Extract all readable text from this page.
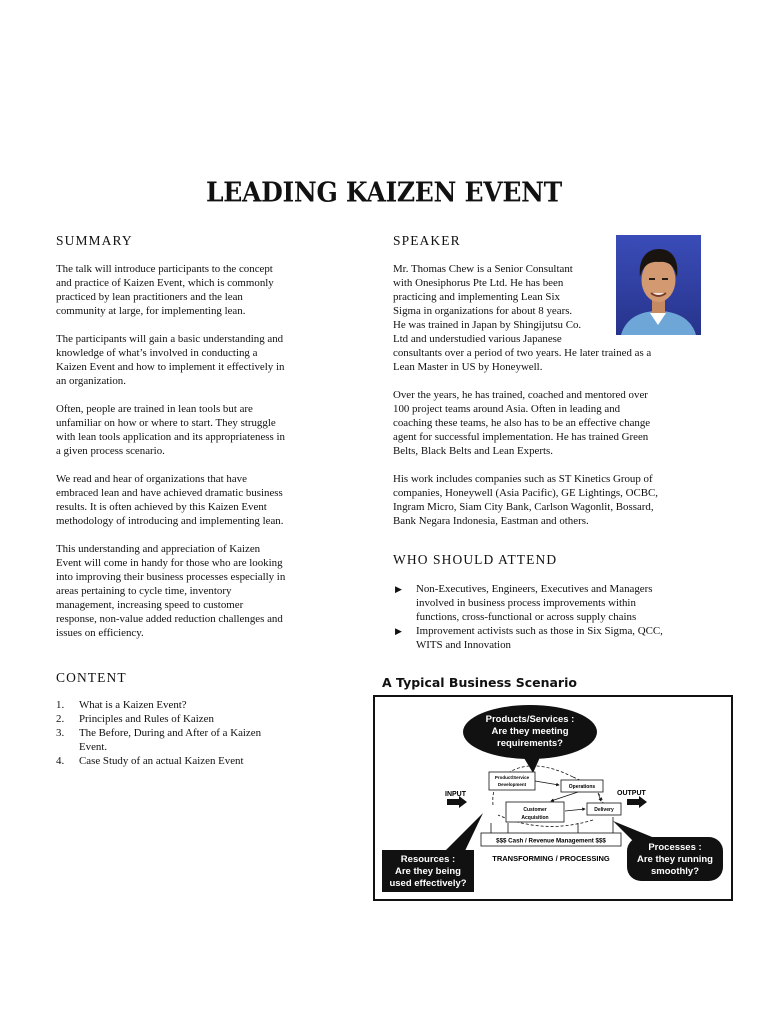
LEADING KAIZEN EVENT
SUMMARY
The talk will introduce participants to the concept
and practice of Kaizen Event, which is commonly
practiced by lean practitioners and the lean
community at large, for implementing lean.
The participants will gain a basic understanding and
knowledge of what’s involved in conducting a
Kaizen Event and how to implement it effectively in
an organization.
Often, people are trained in lean tools but are
unfamiliar on how or where to start. They struggle
with lean tools application and its appropriateness in
a given process scenario.
We read and hear of organizations that have
embraced lean and have achieved dramatic business
results. It is often achieved by this Kaizen Event
methodology of introducing and implementing lean.
This understanding and appreciation of Kaizen
Event will come in handy for those who are looking
into improving their business processes especially in
areas pertaining to cycle time, inventory
management, increasing speed to customer
response, non-value added reduction challenges and
issues on efficiency.
CONTENT
1.	What is a Kaizen Event?
2.	Principles and Rules of Kaizen
3.	The Before, During and After of a Kaizen
Event.
4.	Case Study of an actual Kaizen Event
SPEAKER
Mr. Thomas Chew is a Senior Consultant
with Onesiphorus Pte Ltd. He has been
practicing and implementing Lean Six
Sigma in organizations for about 8 years.
He was trained in Japan by Shingijutsu Co.
Ltd and understudied various Japanese
consultants over a period of two years. He later trained as a
Lean Master in US by Honeywell.
Over the years, he has trained, coached and mentored over
100 project teams around Asia. Often in leading and
coaching these teams, he also has to be an effective change
agent for successful implementation. He has trained Green
Belts, Black Belts and Lean Experts.
His work includes companies such as ST Kinetics Group of
companies, Honeywell (Asia Pacific), GE Lightings, OCBC,
Ingram Micro, Siam City Bank, Carlson Wagonlit, Bossard,
Bank Negara Indonesia, Eastman and others.
WHO SHOULD ATTEND
▶	Non-Executives, Engineers, Executives and Managers
involved in business process improvements within
functions, cross-functional or across supply chains
▶	Improvement activists such as those in Six Sigma, QCC,
WITS and Innovation
A Typical Business Scenario
Products/Services :
Are they meeting
requirements?
INPUT	OUTPUT
Product/Service
Development	Operations
Customer
Acquisition
Delivery
$$$ Cash / Revenue Management $$$
TRANSFORMING / PROCESSING
Resources :
Are they being
used effectively?
Processes :
Are they running
smoothly?
